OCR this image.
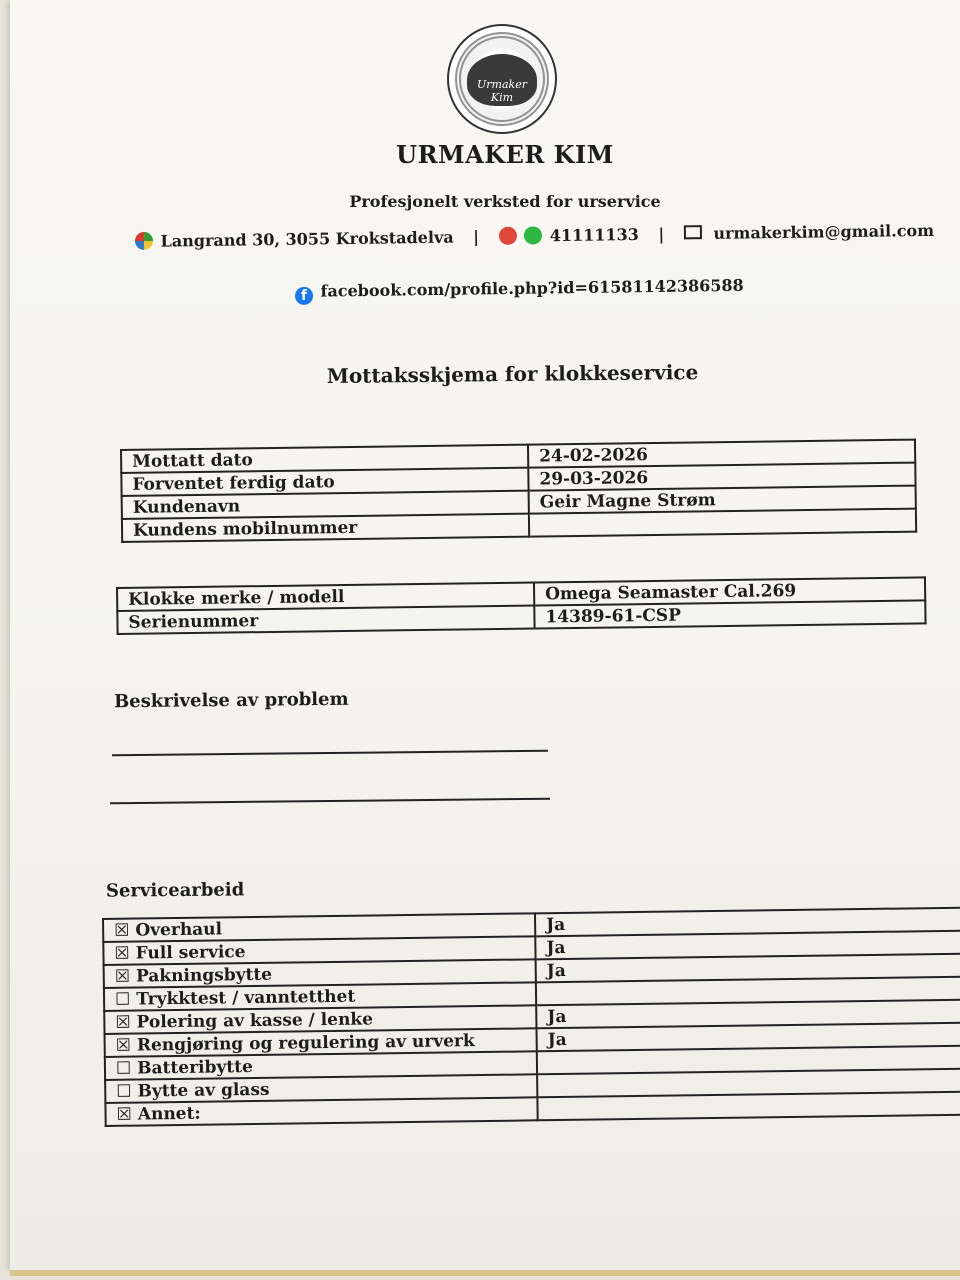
Urmaker Kim
URMAKER KIM
Profesjonelt verksted for urservice
Langrand 30, 3055 Krokstadelva |	41111133 |	urmakerkim@gmail.com
f facebook.com/profile.php?id=61581142386588
Mottaksskjema for klokkeservice
Mottatt dato	24-02-2026
Forventet ferdig dato	29-03-2026
Kundenavn	Geir Magne Strøm
Kundens mobilnummer	
Klokke merke / modell	Omega Seamaster Cal.269
Serienummer	14389-61-CSP
Beskrivelse av problem
Servicearbeid
☒ Overhaul	Ja
☒ Full service	Ja
☒ Pakningsbytte	Ja
☐ Trykktest / vanntetthet	
☒ Polering av kasse / lenke	Ja
☒ Rengjøring og regulering av urverk	Ja
☐ Batteribytte	
☐ Bytte av glass	
☒ Annet:	
